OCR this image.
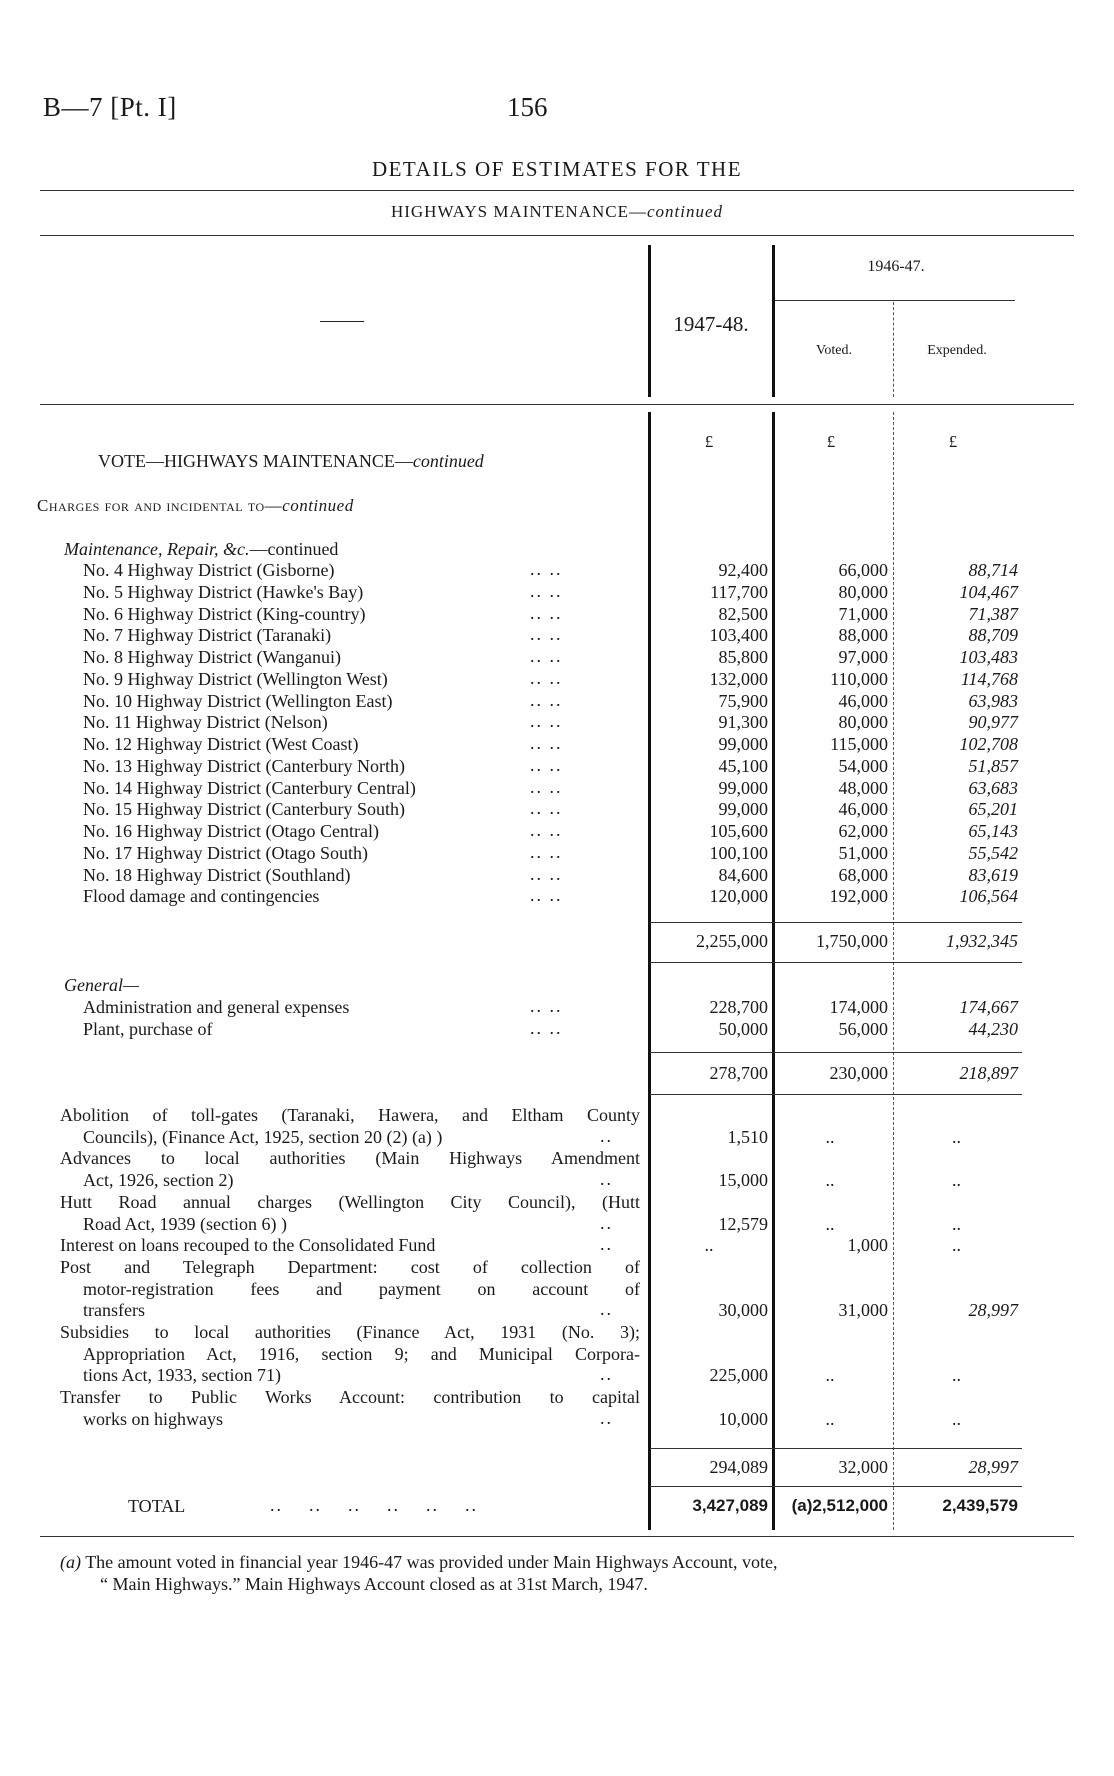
B—7 [Pt. I]	156
DETAILS OF ESTIMATES FOR THE
HIGHWAYS MAINTENANCE—continued
1947-48.
1946-47.
Voted.	Expended.
£	£	£
VOTE—HIGHWAYS MAINTENANCE—continued
Charges for and incidental to—continued
Maintenance, Repair, &c.—continued
No. 4 Highway District (Gisborne)	.. ..	92,400	66,000	88,714
No. 5 Highway District (Hawke's Bay)	.. ..	117,700	80,000	104,467
No. 6 Highway District (King-country)	.. ..	82,500	71,000	71,387
No. 7 Highway District (Taranaki)	.. ..	103,400	88,000	88,709
No. 8 Highway District (Wanganui)	.. ..	85,800	97,000	103,483
No. 9 Highway District (Wellington West)	.. ..	132,000	110,000	114,768
No. 10 Highway District (Wellington East)	.. ..	75,900	46,000	63,983
No. 11 Highway District (Nelson)	.. ..	91,300	80,000	90,977
No. 12 Highway District (West Coast)	.. ..	99,000	115,000	102,708
No. 13 Highway District (Canterbury North)	.. ..	45,100	54,000	51,857
No. 14 Highway District (Canterbury Central)	.. ..	99,000	48,000	63,683
No. 15 Highway District (Canterbury South)	.. ..	99,000	46,000	65,201
No. 16 Highway District (Otago Central)	.. ..	105,600	62,000	65,143
No. 17 Highway District (Otago South)	.. ..	100,100	51,000	55,542
No. 18 Highway District (Southland)	.. ..	84,600	68,000	83,619
Flood damage and contingencies	.. ..	120,000	192,000	106,564
2,255,000	1,750,000	1,932,345
General—
Administration and general expenses	.. ..	228,700	174,000	174,667
Plant, purchase of	.. ..	50,000	56,000	44,230
278,700	230,000	218,897
Abolition of toll-gates (Taranaki, Hawera, and Eltham County
Councils), (Finance Act, 1925, section 20 (2) (a) )	..	1,510	..	..
Advances to local authorities (Main Highways Amendment
Act, 1926, section 2)	..	15,000	..	..
Hutt Road annual charges (Wellington City Council), (Hutt
Road Act, 1939 (section 6) )	..	12,579	..	..
Interest on loans recouped to the Consolidated Fund	..	..	1,000	..
Post and Telegraph Department: cost of collection of
motor-registration fees and payment on account of
transfers	..	30,000	31,000	28,997
Subsidies to local authorities (Finance Act, 1931 (No. 3);
Appropriation Act, 1916, section 9; and Municipal Corpora-
tions Act, 1933, section 71)	..	225,000	..	..
Transfer to Public Works Account: contribution to capital
works on highways	..	10,000	..	..
294,089	32,000	28,997
TOTAL	..    ..    ..    ..    ..    ..	3,427,089	(a)2,512,000	2,439,579
(a) The amount voted in financial year 1946-47 was provided under Main Highways Account, vote,
“ Main Highways.” Main Highways Account closed as at 31st March, 1947.
